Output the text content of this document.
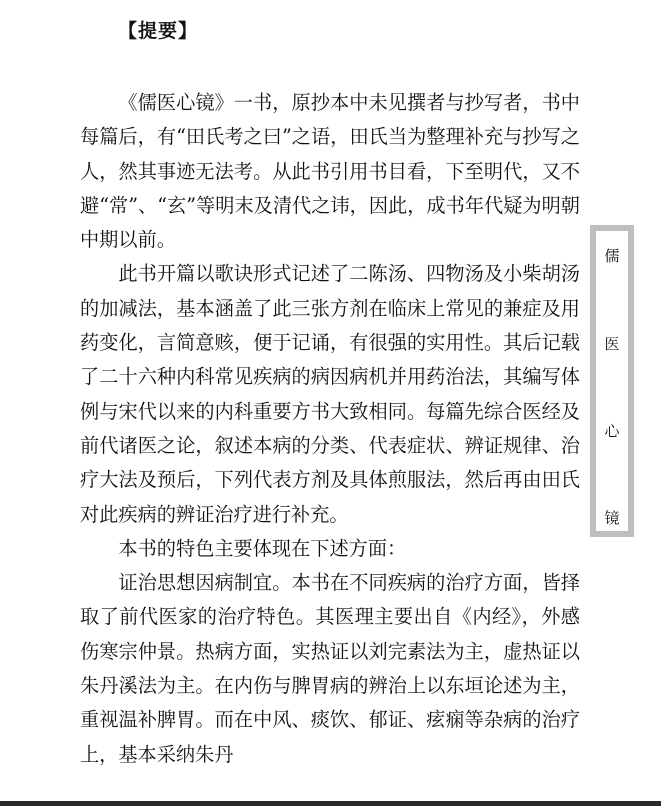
【提要】

《儒医心镜》一书，原抄本中未见撰者与抄写者，书中每篇后，有“田氏考之曰”之语，田氏当为整理补充与抄写之人，然其事迹无法考。从此书引用书目看，下至明代，又不避“常”、“玄”等明末及清代之讳，因此，成书年代疑为明朝中期以前。

此书开篇以歌诀形式记述了二陈汤、四物汤及小柴胡汤的加减法，基本涵盖了此三张方剂在临床上常见的兼症及用药变化，言简意赅，便于记诵，有很强的实用性。其后记载了二十六种内科常见疾病的病因病机并用药治法，其编写体例与宋代以来的内科重要方书大致相同。每篇先综合医经及前代诸医之论，叙述本病的分类、代表症状、辨证规律、治疗大法及预后，下列代表方剂及具体煎服法，然后再由田氏对此疾病的辨证治疗进行补充。

本书的特色主要体现在下述方面：

证治思想因病制宜。本书在不同疾病的治疗方面，皆择取了前代医家的治疗特色。其医理主要出自《内经》，外感伤寒宗仲景。热病方面，实热证以刘完素法为主，虚热证以朱丹溪法为主。在内伤与脾胃病的辨治上以东垣论述为主，重视温补脾胃。而在中风、痰饮、郁证、痃痫等杂病的治疗上，基本采纳朱丹

儒
医
心
镜
